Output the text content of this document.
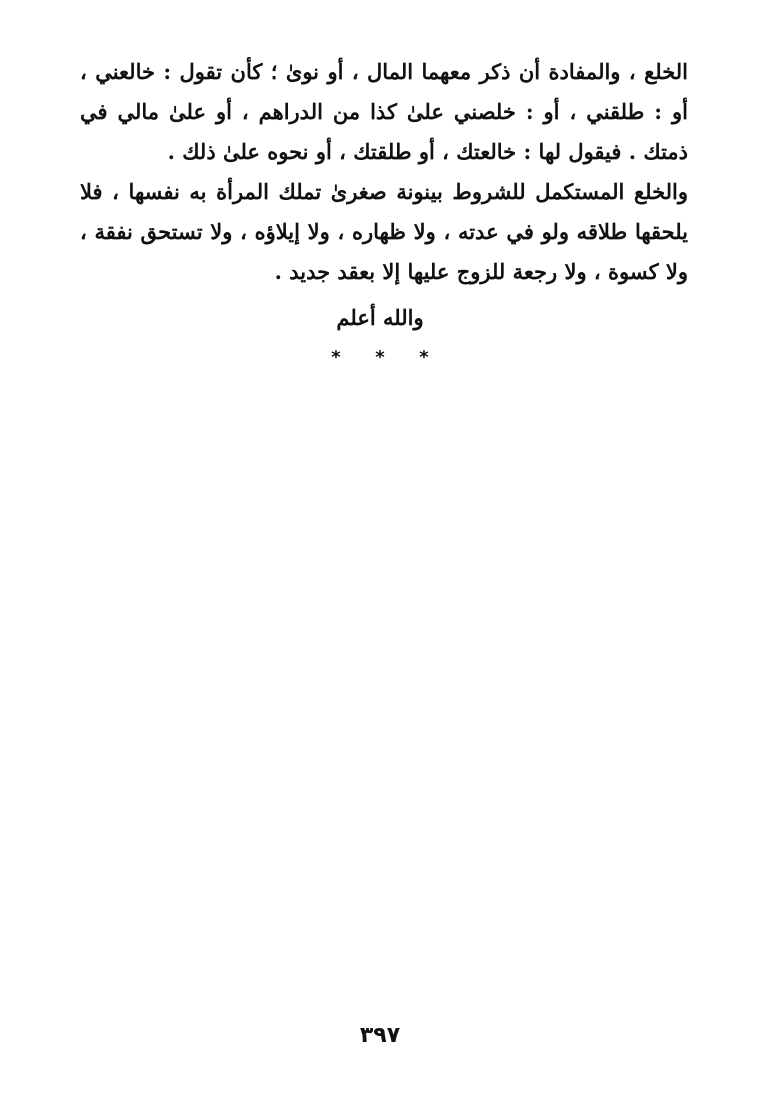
الخلع ، والمفادة أن ذكر معهما المال ، أو نوىٰ ؛ كأن تقول : خالعني ،
أو : طلقني ، أو : خلصني علىٰ كذا من الدراهم ، أو علىٰ مالي في
ذمتك . فيقول لها : خالعتك ، أو طلقتك ، أو نحوه علىٰ ذلك .
والخلع المستكمل للشروط بينونة صغرىٰ تملك المرأة به نفسها ، فلا
يلحقها طلاقه ولو في عدته ، ولا ظهاره ، ولا إيلاؤه ، ولا تستحق نفقة ،
ولا كسوة ، ولا رجعة للزوج عليها إلا بعقد جديد .
والله أعلم
*	*	*
٣٩٧
